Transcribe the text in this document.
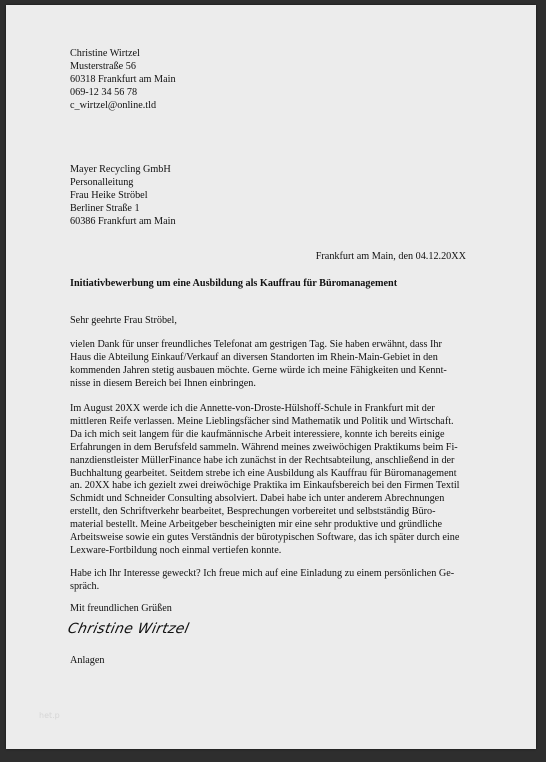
Christine Wirtzel
Musterstraße 56
60318 Frankfurt am Main
069-12 34 56 78
c_wirtzel@online.tld
Mayer Recycling GmbH
Personalleitung
Frau Heike Ströbel
Berliner Straße 1
60386 Frankfurt am Main
Frankfurt am Main, den 04.12.20XX
Initiativbewerbung um eine Ausbildung als Kauffrau für Büromanagement
Sehr geehrte Frau Ströbel,
vielen Dank für unser freundliches Telefonat am gestrigen Tag. Sie haben erwähnt, dass Ihr
Haus die Abteilung Einkauf/Verkauf an diversen Standorten im Rhein-Main-Gebiet in den
kommenden Jahren stetig ausbauen möchte. Gerne würde ich meine Fähigkeiten und Kennt-
nisse in diesem Bereich bei Ihnen einbringen.
Im August 20XX werde ich die Annette-von-Droste-Hülshoff-Schule in Frankfurt mit der
mittleren Reife verlassen. Meine Lieblingsfächer sind Mathematik und Politik und Wirtschaft.
Da ich mich seit langem für die kaufmännische Arbeit interessiere, konnte ich bereits einige
Erfahrungen in dem Berufsfeld sammeln. Während meines zweiwöchigen Praktikums beim Fi-
nanzdienstleister MüllerFinance habe ich zunächst in der Rechtsabteilung, anschließend in der
Buchhaltung gearbeitet. Seitdem strebe ich eine Ausbildung als Kauffrau für Büromanagement
an. 20XX habe ich gezielt zwei dreiwöchige Praktika im Einkaufsbereich bei den Firmen Textil
Schmidt und Schneider Consulting absolviert. Dabei habe ich unter anderem Abrechnungen
erstellt, den Schriftverkehr bearbeitet, Besprechungen vorbereitet und selbstständig Büro-
material bestellt. Meine Arbeitgeber bescheinigten mir eine sehr produktive und gründliche
Arbeitsweise sowie ein gutes Verständnis der bürotypischen Software, das ich später durch eine
Lexware-Fortbildung noch einmal vertiefen konnte.
Habe ich Ihr Interesse geweckt? Ich freue mich auf eine Einladung zu einem persönlichen Ge-
spräch.
Mit freundlichen Grüßen
Christine Wirtzel
Anlagen
het.p
